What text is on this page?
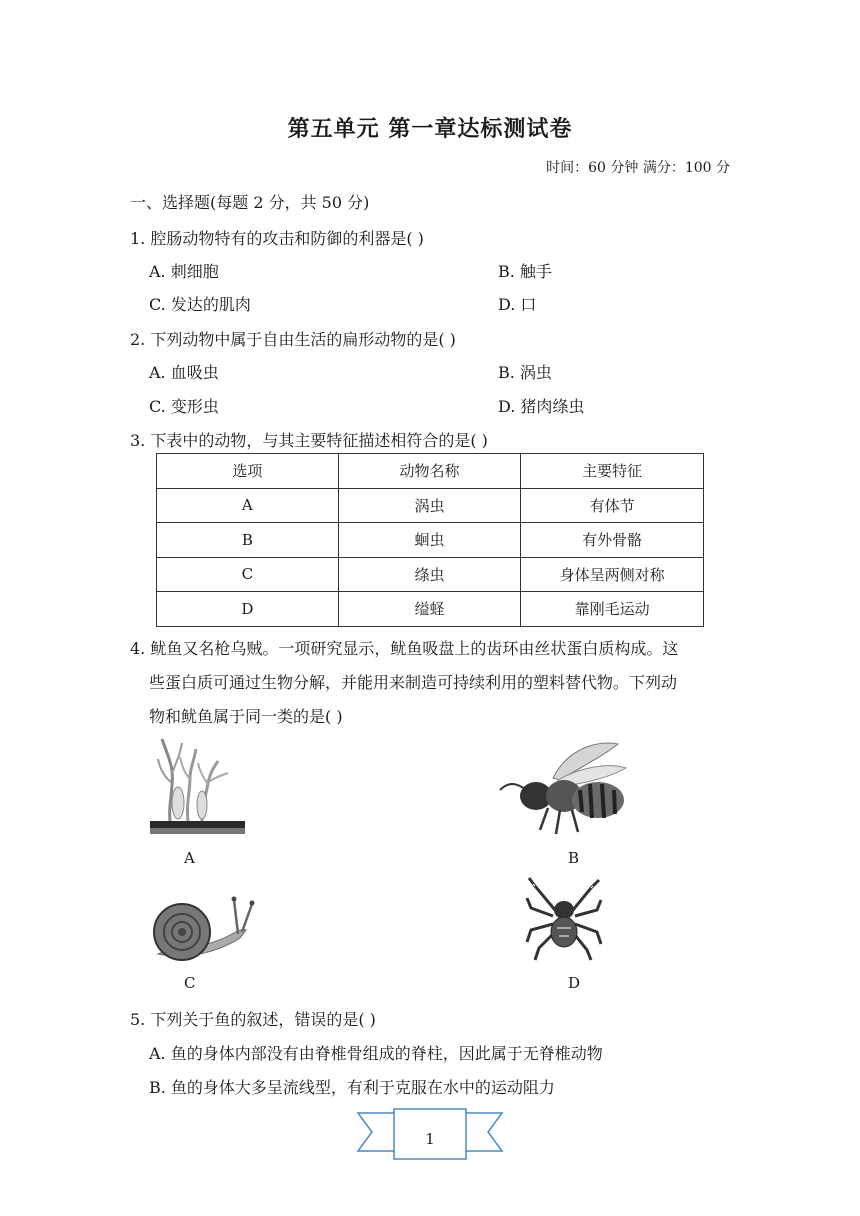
第五单元 第一章达标测试卷
时间：60 分钟 满分：100 分
一、选择题(每题 2 分，共 50 分)
1. 腔肠动物特有的攻击和防御的利器是( )
A. 刺细胞	B. 触手
C. 发达的肌肉	D. 口
2. 下列动物中属于自由生活的扁形动物的是( )
A. 血吸虫	B. 涡虫
C. 变形虫	D. 猪肉绦虫
3. 下表中的动物，与其主要特征描述相符合的是( )
选项	动物名称	主要特征
A	涡虫	有体节
B	蛔虫	有外骨骼
C	绦虫	身体呈两侧对称
D	缢蛏	靠刚毛运动
4. 鱿鱼又名枪乌贼。一项研究显示，鱿鱼吸盘上的齿环由丝状蛋白质构成。这
些蛋白质可通过生物分解，并能用来制造可持续利用的塑料替代物。下列动
物和鱿鱼属于同一类的是( )
A	B
C	D
5. 下列关于鱼的叙述，错误的是( )
A. 鱼的身体内部没有由脊椎骨组成的脊柱，因此属于无脊椎动物
B. 鱼的身体大多呈流线型，有利于克服在水中的运动阻力
1
